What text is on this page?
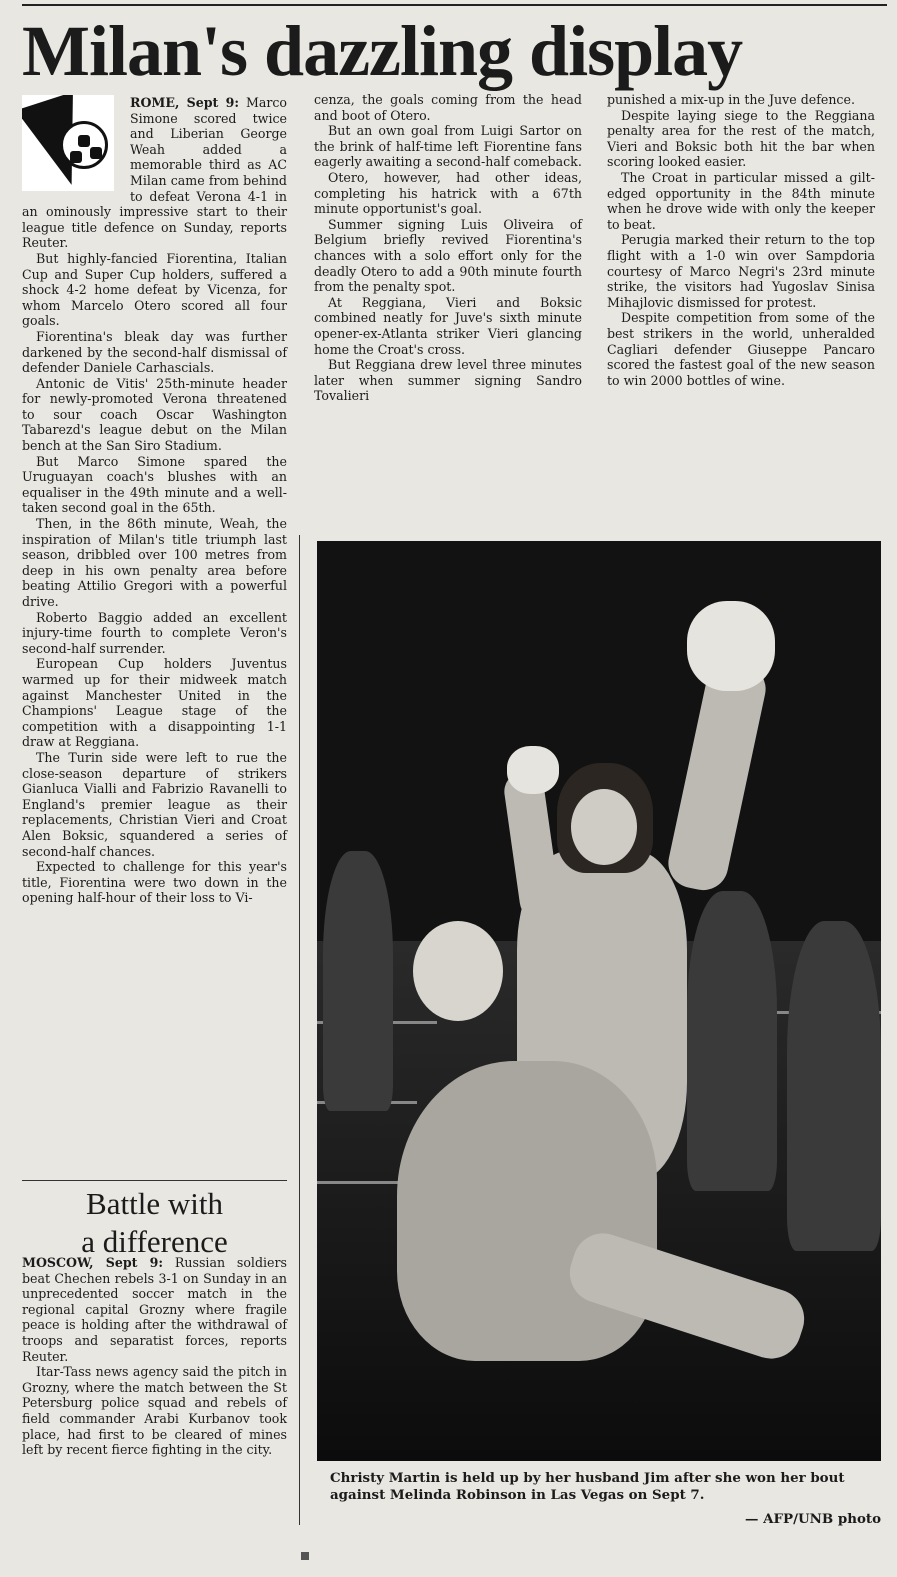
Milan's dazzling display

ROME, Sept 9: Marco Simone scored twice and Liberian George Weah added a memorable third as AC Milan came from behind to defeat Verona 4-1 in an ominously impressive start to their league title defence on Sunday, reports Reuter.

But highly-fancied Fiorentina, Italian Cup and Super Cup holders, suffered a shock 4-2 home defeat by Vicenza, for whom Marcelo Otero scored all four goals.

Fiorentina's bleak day was further darkened by the second-half dismissal of defender Daniele Carhascials.

Antonic de Vitis' 25th-minute header for newly-promoted Verona threatened to sour coach Oscar Washington Tabarezd's league debut on the Milan bench at the San Siro Stadium.

But Marco Simone spared the Uruguayan coach's blushes with an equaliser in the 49th minute and a well-taken second goal in the 65th.

Then, in the 86th minute, Weah, the inspiration of Milan's title triumph last season, dribbled over 100 metres from deep in his own penalty area before beating Attilio Gregori with a powerful drive.

Roberto Baggio added an excellent injury-time fourth to complete Veron's second-half surrender.

European Cup holders Juventus warmed up for their midweek match against Manchester United in the Champions' League stage of the competition with a disappointing 1-1 draw at Reggiana.

The Turin side were left to rue the close-season departure of strikers Gianluca Vialli and Fabrizio Ravanelli to England's premier league as their replacements, Christian Vieri and Croat Alen Boksic, squandered a series of second-half chances.

Expected to challenge for this year's title, Fiorentina were two down in the opening half-hour of their loss to Vi-

cenza, the goals coming from the head and boot of Otero.

But an own goal from Luigi Sartor on the brink of half-time left Fiorentine fans eagerly awaiting a second-half comeback.

Otero, however, had other ideas, completing his hatrick with a 67th minute opportunist's goal.

Summer signing Luis Oliveira of Belgium briefly revived Fiorentina's chances with a solo effort only for the deadly Otero to add a 90th minute fourth from the penalty spot.

At Reggiana, Vieri and Boksic combined neatly for Juve's sixth minute opener-ex-Atlanta striker Vieri glancing home the Croat's cross.

But Reggiana drew level three minutes later when summer signing Sandro Tovalieri

punished a mix-up in the Juve defence.

Despite laying siege to the Reggiana penalty area for the rest of the match, Vieri and Boksic both hit the bar when scoring looked easier.

The Croat in particular missed a gilt-edged opportunity in the 84th minute when he drove wide with only the keeper to beat.

Perugia marked their return to the top flight with a 1-0 win over Sampdoria courtesy of Marco Negri's 23rd minute strike, the visitors had Yugoslav Sinisa Mihajlovic dismissed for protest.

Despite competition from some of the best strikers in the world, unheralded Cagliari defender Giuseppe Pancaro scored the fastest goal of the new season to win 2000 bottles of wine.

Battle with
a difference

MOSCOW, Sept 9: Russian soldiers beat Chechen rebels 3-1 on Sunday in an unprecedented soccer match in the regional capital Grozny where fragile peace is holding after the withdrawal of troops and separatist forces, reports Reuter.

Itar-Tass news agency said the pitch in Grozny, where the match between the St Petersburg police squad and rebels of field commander Arabi Kurbanov took place, had first to be cleared of mines left by recent fierce fighting in the city.

Christy Martin is held up by her husband Jim after she won her bout against Melinda Robinson in Las Vegas on Sept 7.
— AFP/UNB photo
